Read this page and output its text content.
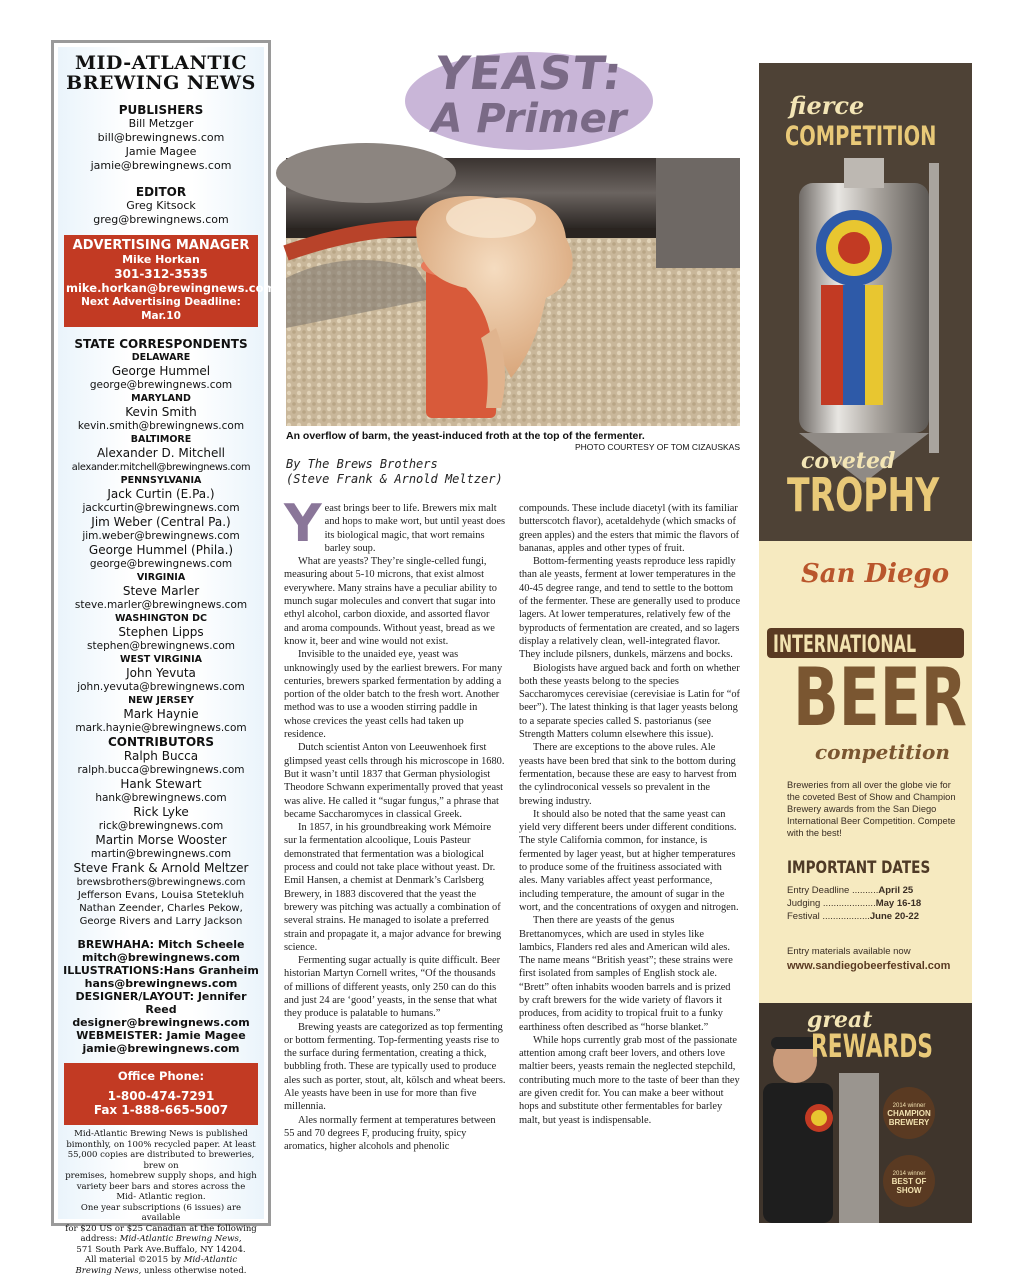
MID-ATLANTIC BREWING NEWS
PUBLISHERS
Bill Metzger
bill@brewingnews.com
Jamie Magee
jamie@brewingnews.com
EDITOR
Greg Kitsock
greg@brewingnews.com
ADVERTISING MANAGER
Mike Horkan
301-312-3535
mike.horkan@brewingnews.com
Next Advertising Deadline: Mar.10
STATE CORRESPONDENTS
DELAWARE
George Hummel
george@brewingnews.com
MARYLAND
Kevin Smith
kevin.smith@brewingnews.com
BALTIMORE
Alexander D. Mitchell
alexander.mitchell@brewingnews.com
PENNSYLVANIA
Jack Curtin (E.Pa.)
jackcurtin@brewingnews.com
Jim Weber (Central Pa.)
jim.weber@brewingnews.com
George Hummel (Phila.)
george@brewingnews.com
VIRGINIA
Steve Marler
steve.marler@brewingnews.com
WASHINGTON DC
Stephen Lipps
stephen@brewingnews.com
WEST VIRGINIA
John Yevuta
john.yevuta@brewingnews.com
NEW JERSEY
Mark Haynie
mark.haynie@brewingnews.com
CONTRIBUTORS
Ralph Bucca
ralph.bucca@brewingnews.com
Hank Stewart
hank@brewingnews.com
Rick Lyke
rick@brewingnews.com
Martin Morse Wooster
martin@brewingnews.com
Steve Frank & Arnold Meltzer
brewsbrothers@brewingnews.com
Jefferson Evans, Louisa Stetekluh
Nathan Zeender, Charles Pekow,
George Rivers and Larry Jackson
BREWHAHA: Mitch Scheele
mitch@brewingnews.com
ILLUSTRATIONS:Hans Granheim
hans@brewingnews.com
DESIGNER/LAYOUT: Jennifer Reed
designer@brewingnews.com
WEBMEISTER: Jamie Magee
jamie@brewingnews.com
Office Phone:
1-800-474-7291
Fax 1-888-665-5007
Mid-Atlantic Brewing News is published
bimonthly, on 100% recycled paper. At least
55,000 copies are distributed to breweries, brew on
premises, homebrew supply shops, and high
variety beer bars and stores across the
Mid- Atlantic region.
One year subscriptions (6 issues) are available
for $20 US or $25 Canadian at the following
address: Mid-Atlantic Brewing News,
571 South Park Ave.Buffalo, NY 14204.
All material ©2015 by Mid-Atlantic
Brewing News, unless otherwise noted.
YEAST:
A Primer
An overflow of barm, the yeast-induced froth at the top of the fermenter.
PHOTO COURTESY OF TOM CIZAUSKAS
By The Brews Brothers
(Steve Frank & Arnold Meltzer)
Y east brings beer to life. Brewers mix malt and hops to make wort, but until yeast does its biological magic, that wort remains barley soup.

What are yeasts? They’re single-celled fungi, measuring about 5-10 microns, that exist almost everywhere. Many strains have a peculiar ability to munch sugar molecules and convert that sugar into ethyl alcohol, carbon dioxide, and assorted flavor and aroma compounds. Without yeast, bread as we know it, beer and wine would not exist.

Invisible to the unaided eye, yeast was unknowingly used by the earliest brewers. For many centuries, brewers sparked fermentation by adding a portion of the older batch to the fresh wort. Another method was to use a wooden stirring paddle in whose crevices the yeast cells had taken up residence.

Dutch scientist Anton von Leeuwenhoek first glimpsed yeast cells through his microscope in 1680. But it wasn’t until 1837 that German physiologist Theodore Schwann experimentally proved that yeast was alive. He called it “sugar fungus,” a phrase that became Saccharomyces in classical Greek.

In 1857, in his groundbreaking work Mémoire sur la fermentation alcoolique, Louis Pasteur demonstrated that fermentation was a biological process and could not take place without yeast. Dr. Emil Hansen, a chemist at Denmark’s Carlsberg Brewery, in 1883 discovered that the yeast the brewery was pitching was actually a combination of several strains. He managed to isolate a preferred strain and propagate it, a major advance for brewing science.

Fermenting sugar actually is quite difficult. Beer historian Martyn Cornell writes, “Of the thousands of millions of different yeasts, only 250 can do this and just 24 are ‘good’ yeasts, in the sense that what they produce is palatable to humans.”

Brewing yeasts are categorized as top fermenting or bottom fermenting. Top-fermenting yeasts rise to the surface during fermentation, creating a thick, bubbling froth. These are typically used to produce ales such as porter, stout, alt, kölsch and wheat beers. Ale yeasts have been in use for more than five millennia.

Ales normally ferment at temperatures between 55 and 70 degrees F, producing fruity, spicy aromatics, higher alcohols and phenolic

compounds. These include diacetyl (with its familiar butterscotch flavor), acetaldehyde (which smacks of green apples) and the esters that mimic the flavors of bananas, apples and other types of fruit.

Bottom-fermenting yeasts reproduce less rapidly than ale yeasts, ferment at lower temperatures in the 40-45 degree range, and tend to settle to the bottom of the fermenter. These are generally used to produce lagers. At lower temperatures, relatively few of the byproducts of fermentation are created, and so lagers display a relatively clean, well-integrated flavor. They include pilsners, dunkels, märzens and bocks.

Biologists have argued back and forth on whether both these yeasts belong to the species Saccharomyces cerevisiae (cerevisiae is Latin for “of beer”). The latest thinking is that lager yeasts belong to a separate species called S. pastorianus (see Strength Matters column elsewhere this issue).

There are exceptions to the above rules. Ale yeasts have been bred that sink to the bottom during fermentation, because these are easy to harvest from the cylindroconical vessels so prevalent in the brewing industry.

It should also be noted that the same yeast can yield very different beers under different conditions. The style California common, for instance, is fermented by lager yeast, but at higher temperatures to produce some of the fruitiness associated with ales. Many variables affect yeast performance, including temperature, the amount of sugar in the wort, and the concentrations of oxygen and nitrogen.

Then there are yeasts of the genus Brettanomyces, which are used in styles like lambics, Flanders red ales and American wild ales. The name means “British yeast”; these strains were first isolated from samples of English stock ale. “Brett” often inhabits wooden barrels and is prized by craft brewers for the wide variety of flavors it produces, from acidity to tropical fruit to a funky earthiness often described as “horse blanket.”

While hops currently grab most of the passionate attention among craft beer lovers, and others love maltier beers, yeasts remain the neglected stepchild, contributing much more to the taste of beer than they are given credit for. You can make a beer without hops and substitute other fermentables for barley malt, but yeast is indispensable.

fierce
COMPETITION
coveted
TROPHY
San Diego
INTERNATIONAL
BEER
competition
Breweries from all over the globe vie for the coveted Best of Show and Champion Brewery awards from the San Diego International Beer Competition. Compete with the best!
IMPORTANT DATES
Entry Deadline ..........April 25
Judging ....................May 16-18
Festival ..................June 20-22
Entry materials available now
www.sandiegobeerfestival.com
great
REWARDS
2014 winner
CHAMPION BREWERY
2014 winner
BEST OF SHOW
